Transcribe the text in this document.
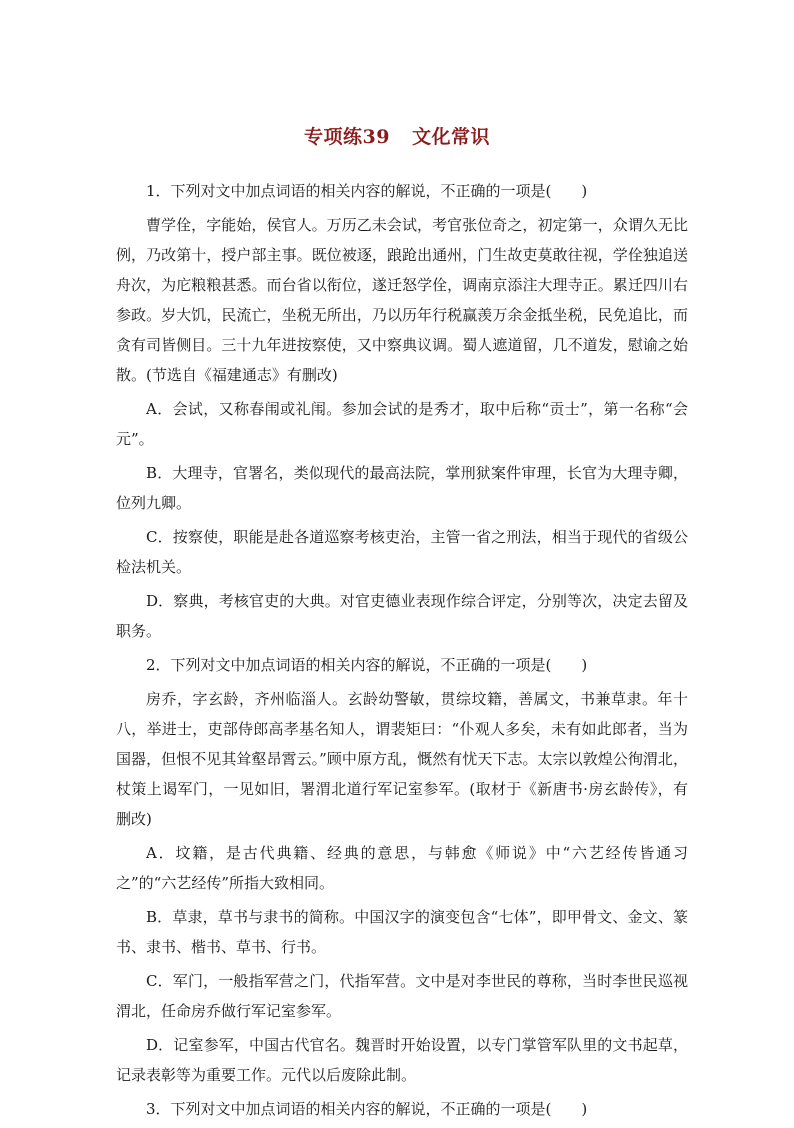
专项练39 文化常识

1．下列对文中加点词语的相关内容的解说，不正确的一项是(　　)

曹学佺，字能始，侯官人。万历乙未会试，考官张位奇之，初定第一，众谓久无比例，乃改第十，授户部主事。既位被逐，踉跄出通州，门生故吏莫敢往视，学佺独追送舟次，为庀粮粮甚悉。而台省以衔位，遂迁怒学佺，调南京添注大理寺正。累迁四川右参政。岁大饥，民流亡，坐税无所出，乃以历年行税赢羡万余金抵坐税，民免追比，而贪有司皆侧目。三十九年进按察使，又中察典议调。蜀人遮道留，几不道发，慰谕之始散。(节选自《福建通志》有删改)

A．会试，又称春闱或礼闱。参加会试的是秀才，取中后称“贡士”，第一名称“会元”。

B．大理寺，官署名，类似现代的最高法院，掌刑狱案件审理，长官为大理寺卿，位列九卿。

C．按察使，职能是赴各道巡察考核吏治，主管一省之刑法，相当于现代的省级公检法机关。

D．察典，考核官吏的大典。对官吏德业表现作综合评定，分别等次，决定去留及职务。

2．下列对文中加点词语的相关内容的解说，不正确的一项是(　　)

房乔，字玄龄，齐州临淄人。玄龄幼警敏，贯综坟籍，善属文，书兼草隶。年十八，举进士，吏部侍郎高孝基名知人，谓裴矩曰：“仆观人多矣，未有如此郎者，当为国器，但恨不见其耸壑昂霄云。”顾中原方乱，慨然有忧天下志。太宗以敦煌公徇渭北，杖策上谒军门，一见如旧，署渭北道行军记室参军。(取材于《新唐书·房玄龄传》，有删改)

A．坟籍，是古代典籍、经典的意思，与韩愈《师说》中“六艺经传皆通习之”的“六艺经传”所指大致相同。

B．草隶，草书与隶书的简称。中国汉字的演变包含“七体”，即甲骨文、金文、篆书、隶书、楷书、草书、行书。

C．军门，一般指军营之门，代指军营。文中是对李世民的尊称，当时李世民巡视渭北，任命房乔做行军记室参军。

D．记室参军，中国古代官名。魏晋时开始设置，以专门掌管军队里的文书起草，记录表彰等为重要工作。元代以后废除此制。

3．下列对文中加点词语的相关内容的解说，不正确的一项是(　　)
